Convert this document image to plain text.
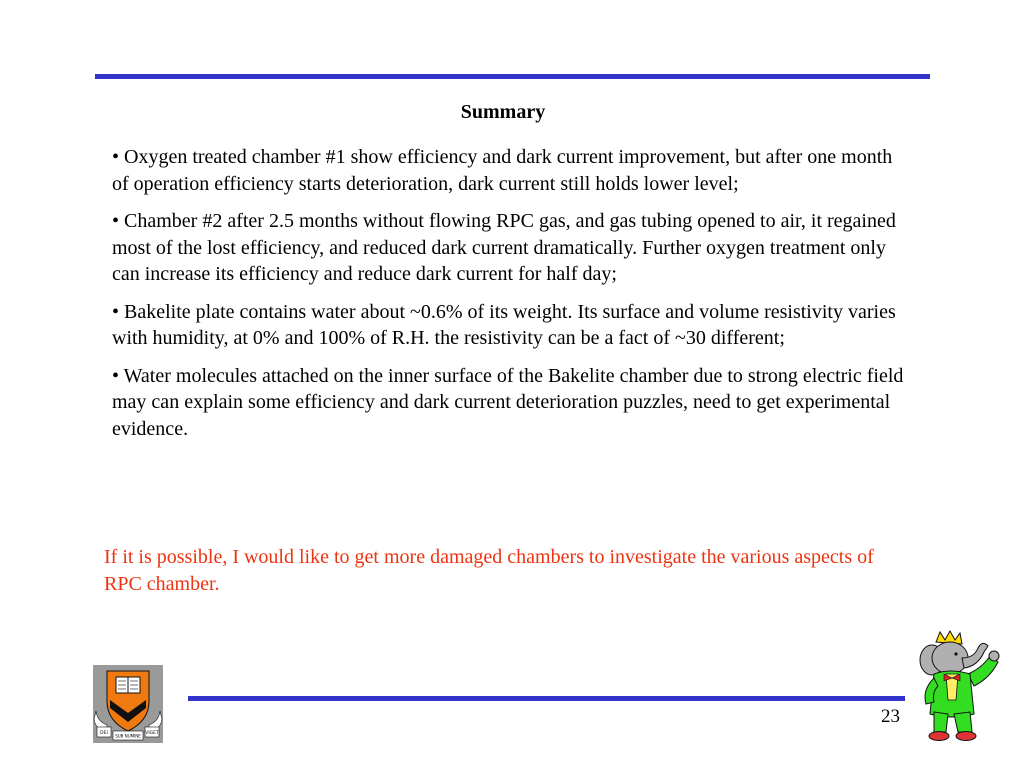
Summary
• Oxygen treated chamber #1 show efficiency and dark current improvement, but after one month of operation efficiency starts deterioration, dark current still holds lower level;
• Chamber #2 after 2.5 months without flowing RPC gas, and gas tubing opened to air, it regained most of the lost efficiency, and reduced dark current dramatically. Further oxygen treatment only can increase its efficiency and reduce dark current for half day;
• Bakelite plate contains water about ~0.6% of its weight. Its surface and volume resistivity varies with humidity, at 0% and 100% of R.H. the resistivity can be a fact of ~30 different;
• Water molecules attached on the inner surface of the Bakelite chamber due to strong electric field may can explain some efficiency and dark current deterioration puzzles, need to get experimental evidence.
If it is possible, I would like to get more damaged chambers to investigate the various aspects of RPC chamber.
DEI SUB NUMINE VIGET
23
